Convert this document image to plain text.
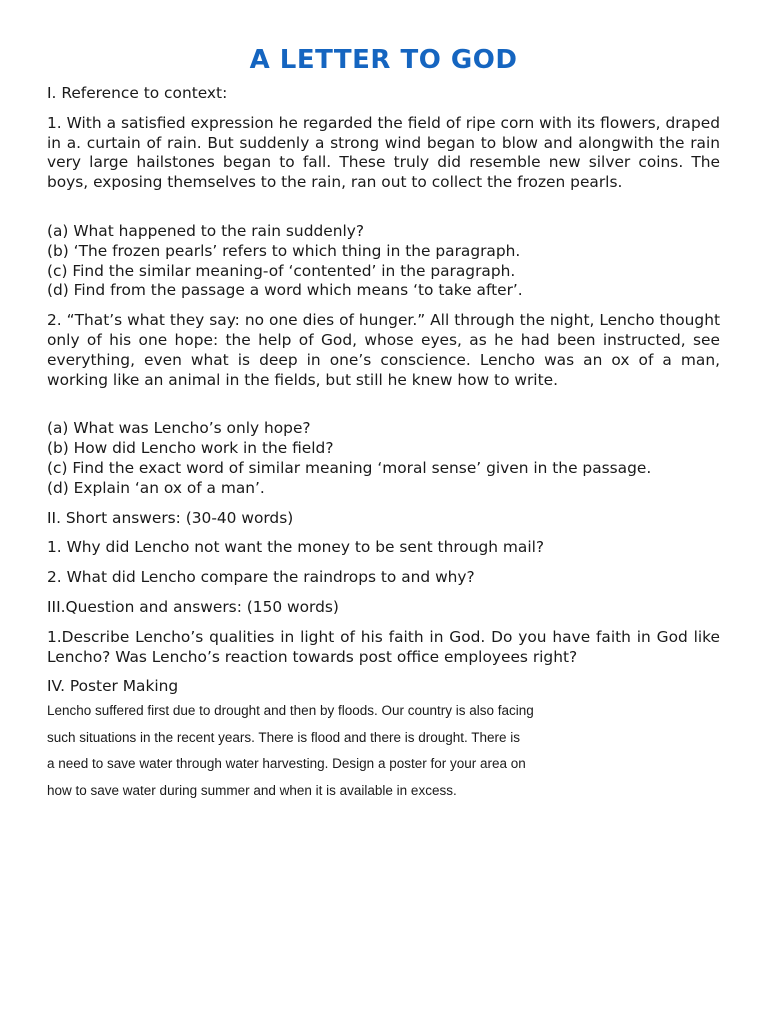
A LETTER TO GOD

I. Reference to context:

1. With a satisfied expression he regarded the field of ripe corn with its flowers, draped in a. curtain of rain. But suddenly a strong wind began to blow and alongwith the rain very large hailstones began to fall. These truly did resemble new silver coins. The boys, exposing themselves to the rain, ran out to collect the frozen pearls.

(a) What happened to the rain suddenly?

(b) ‘The frozen pearls’ refers to which thing in the paragraph.

(c) Find the similar meaning-of ‘contented’ in the paragraph.

(d) Find from the passage a word which means ‘to take after’.

2. “That’s what they say: no one dies of hunger.” All through the night, Lencho thought only of his one hope: the help of God, whose eyes, as he had been instructed, see everything, even what is deep in one’s conscience. Lencho was an ox of a man, working like an animal in the fields, but still he knew how to write.

(a) What was Lencho’s only hope?

(b) How did Lencho work in the field?

(c) Find the exact word of similar meaning ‘moral sense’ given in the passage.

(d) Explain ‘an ox of a man’.

II. Short answers: (30-40 words)

1. Why did Lencho not want the money to be sent through mail?

2. What did Lencho compare the raindrops to and why?

III.Question and answers: (150 words)

1.Describe Lencho’s qualities in light of his faith in God. Do you have faith in God like Lencho? Was Lencho’s reaction towards post office employees right?

IV. Poster Making

Lencho suffered first due to drought and then by floods. Our country is also facing

such situations in the recent years. There is flood and there is drought. There is

a need to save water through water harvesting. Design a poster for your area on

how to save water during summer and when it is available in excess.
